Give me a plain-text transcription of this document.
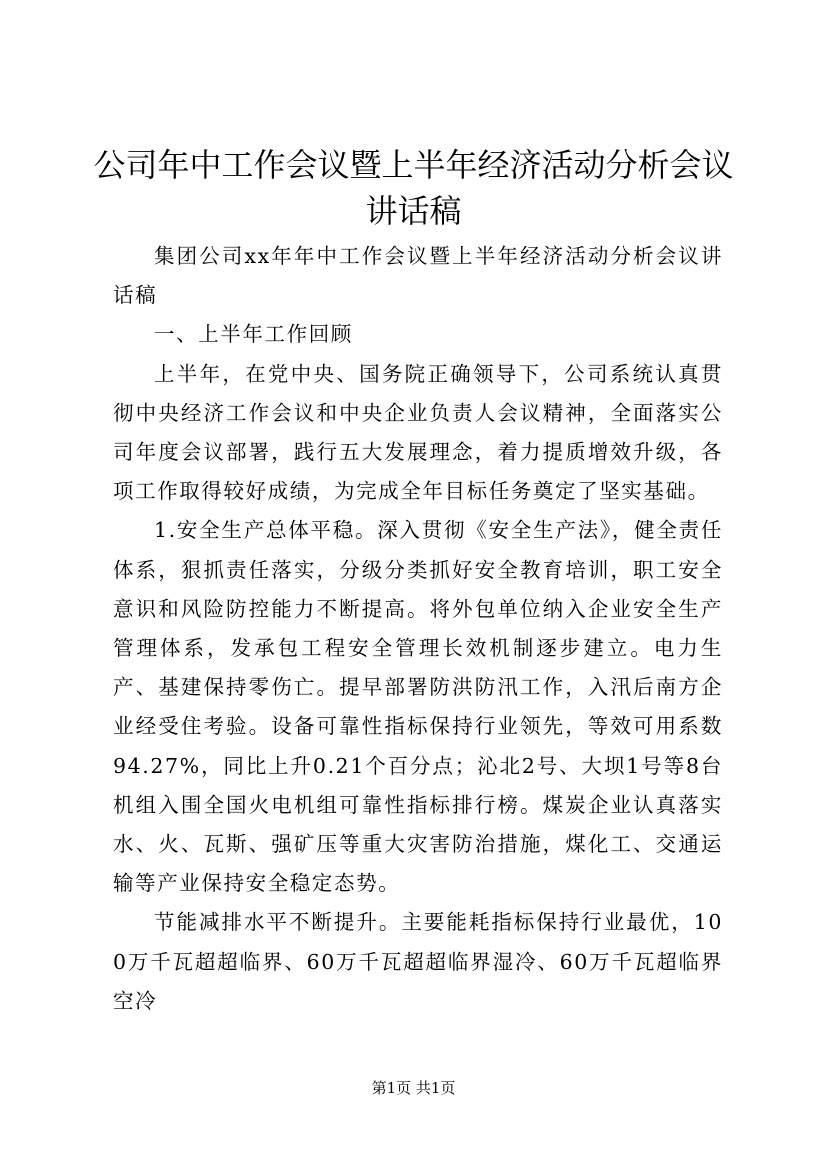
公司年中工作会议暨上半年经济活动分析会议讲话稿

集团公司xx年年中工作会议暨上半年经济活动分析会议讲话稿

一、上半年工作回顾

上半年，在党中央、国务院正确领导下，公司系统认真贯彻中央经济工作会议和中央企业负责人会议精神，全面落实公司年度会议部署，践行五大发展理念，着力提质增效升级，各项工作取得较好成绩，为完成全年目标任务奠定了坚实基础。

1.安全生产总体平稳。深入贯彻《安全生产法》，健全责任体系，狠抓责任落实，分级分类抓好安全教育培训，职工安全意识和风险防控能力不断提高。将外包单位纳入企业安全生产管理体系，发承包工程安全管理长效机制逐步建立。电力生产、基建保持零伤亡。提早部署防洪防汛工作，入汛后南方企业经受住考验。设备可靠性指标保持行业领先，等效可用系数94.27%，同比上升0.21个百分点；沁北2号、大坝1号等8台机组入围全国火电机组可靠性指标排行榜。煤炭企业认真落实水、火、瓦斯、强矿压等重大灾害防治措施，煤化工、交通运输等产业保持安全稳定态势。

节能减排水平不断提升。主要能耗指标保持行业最优，100万千瓦超超临界、60万千瓦超超临界湿冷、60万千瓦超临界空冷

第1页 共1页
